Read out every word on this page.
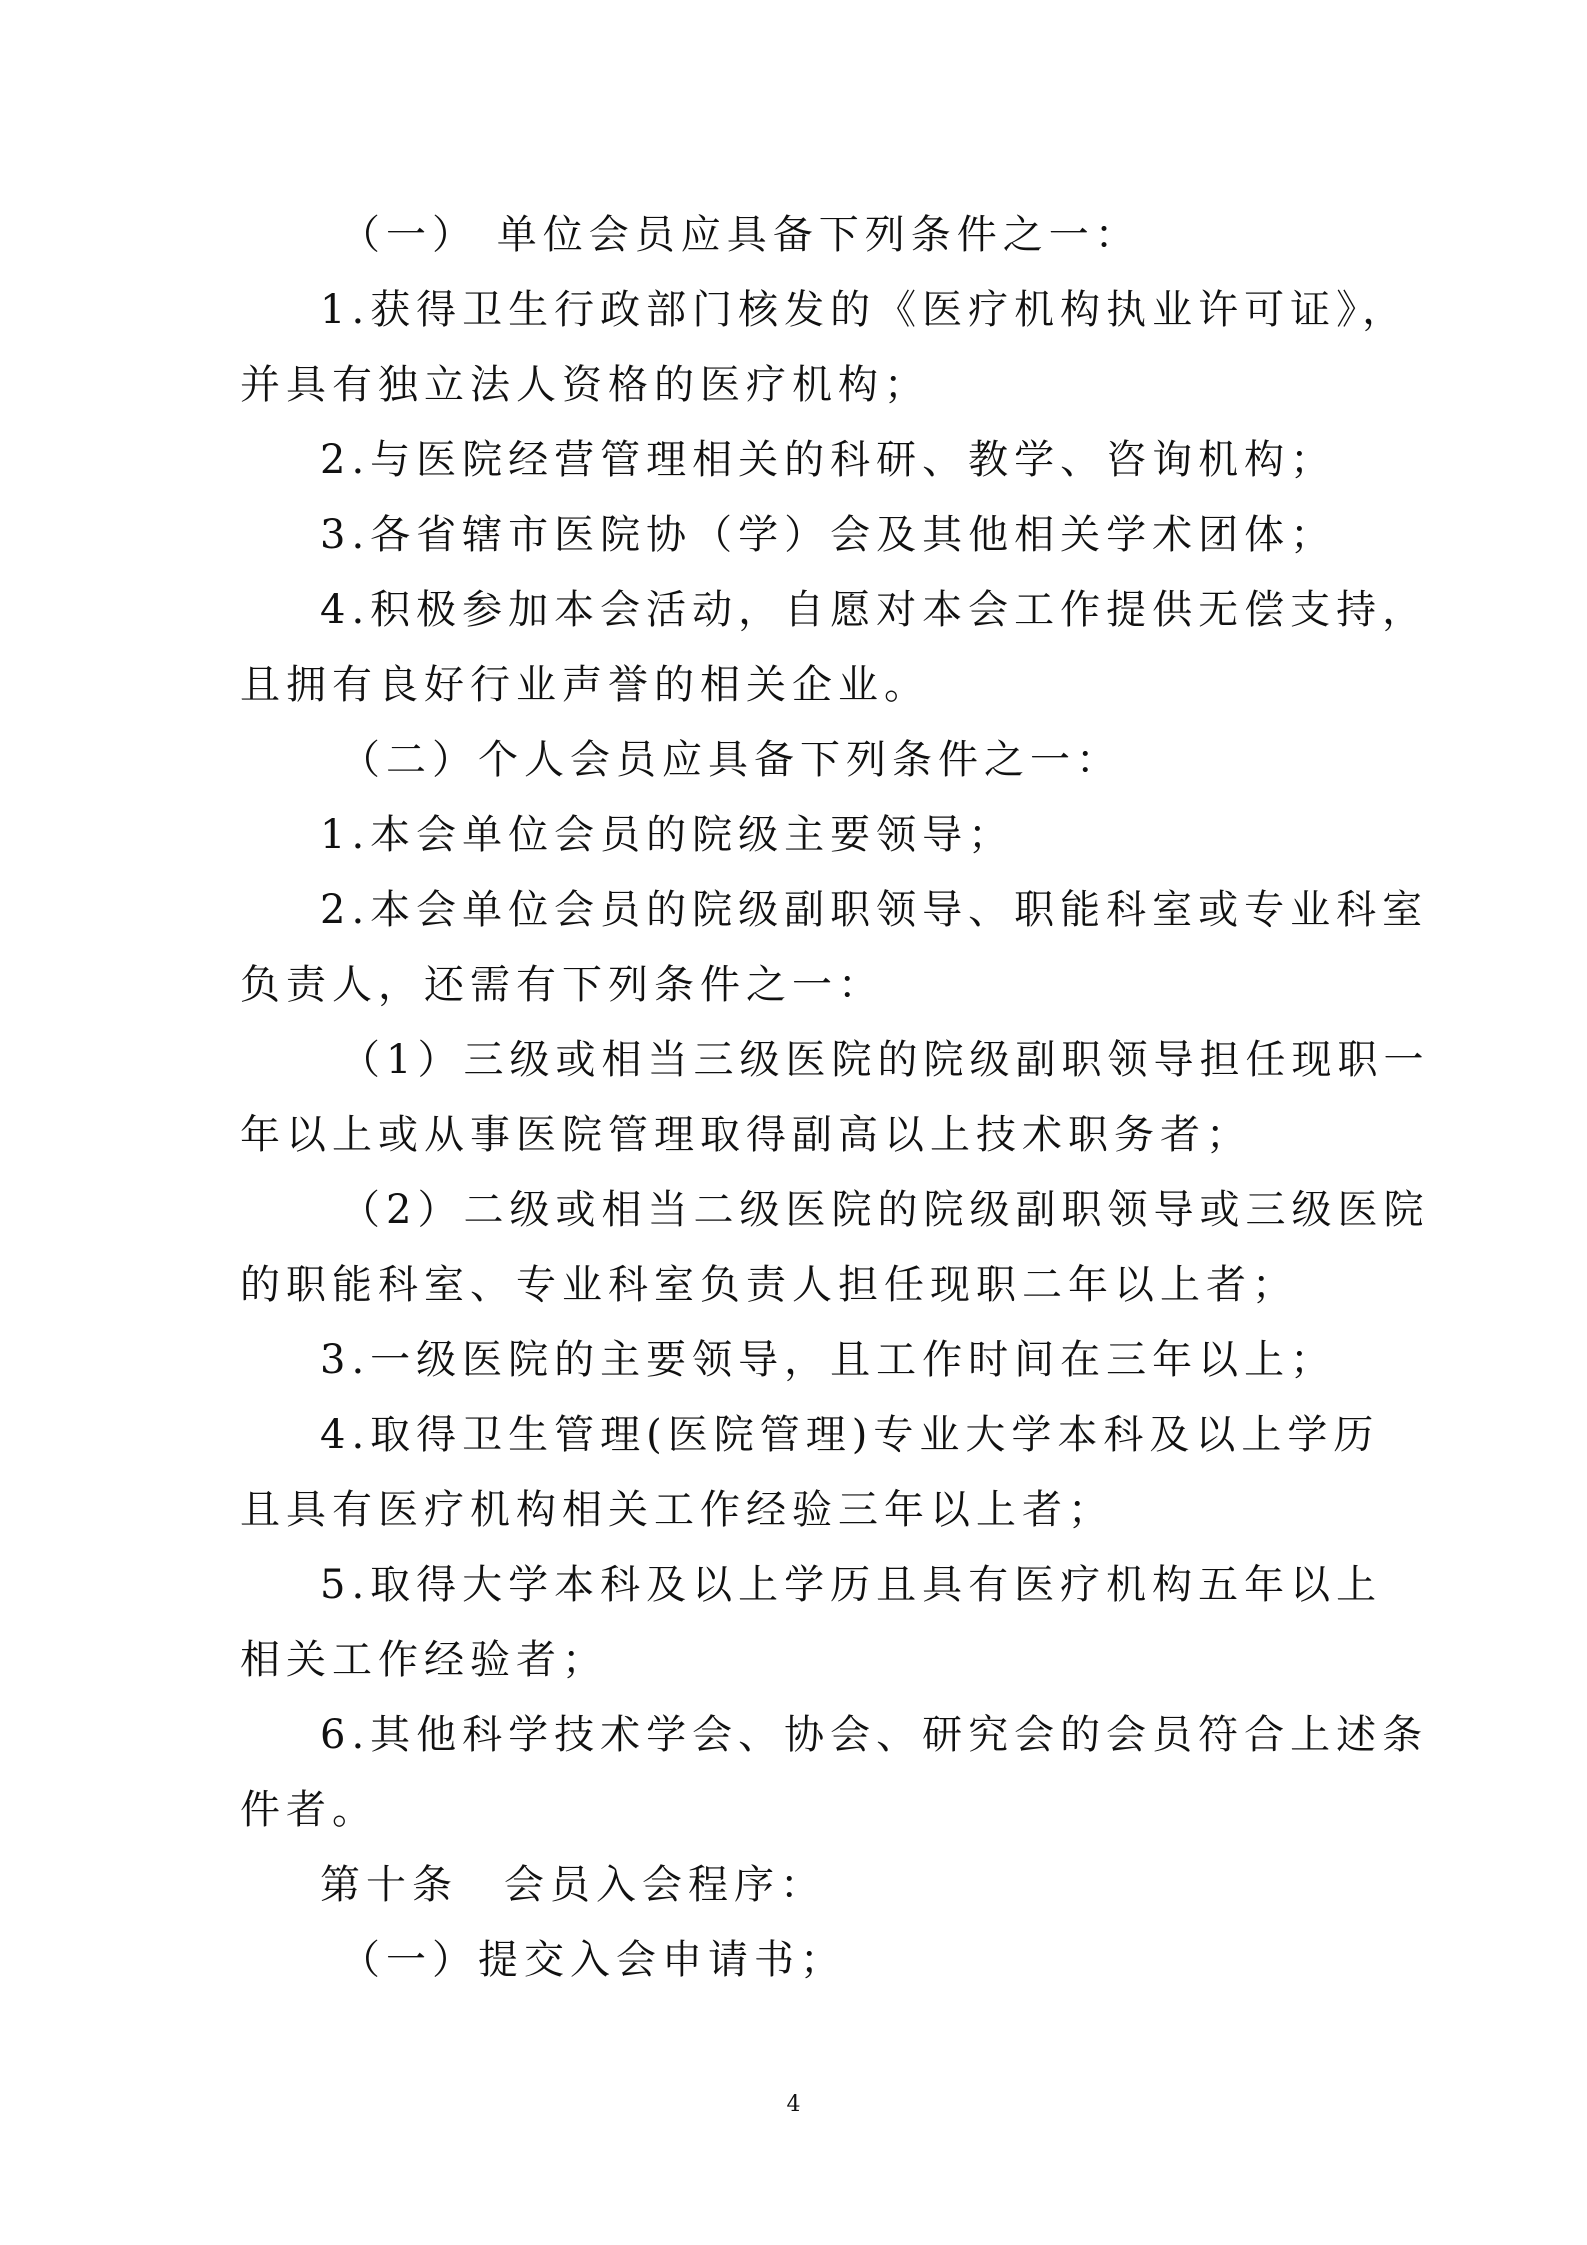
（一） 单位会员应具备下列条件之一：
1.获得卫生行政部门核发的《医疗机构执业许可证》，
并具有独立法人资格的医疗机构；
2.与医院经营管理相关的科研、教学、咨询机构；
3.各省辖市医院协（学）会及其他相关学术团体；
4.积极参加本会活动，自愿对本会工作提供无偿支持，
且拥有良好行业声誉的相关企业。
（二）个人会员应具备下列条件之一：
1.本会单位会员的院级主要领导；
2.本会单位会员的院级副职领导、职能科室或专业科室
负责人，还需有下列条件之一：
（1）三级或相当三级医院的院级副职领导担任现职一
年以上或从事医院管理取得副高以上技术职务者；
（2）二级或相当二级医院的院级副职领导或三级医院
的职能科室、专业科室负责人担任现职二年以上者；
3.一级医院的主要领导，且工作时间在三年以上；
4.取得卫生管理(医院管理)专业大学本科及以上学历
且具有医疗机构相关工作经验三年以上者；
5.取得大学本科及以上学历且具有医疗机构五年以上
相关工作经验者；
6.其他科学技术学会、协会、研究会的会员符合上述条
件者。
第十条　会员入会程序：
（一）提交入会申请书；
4
